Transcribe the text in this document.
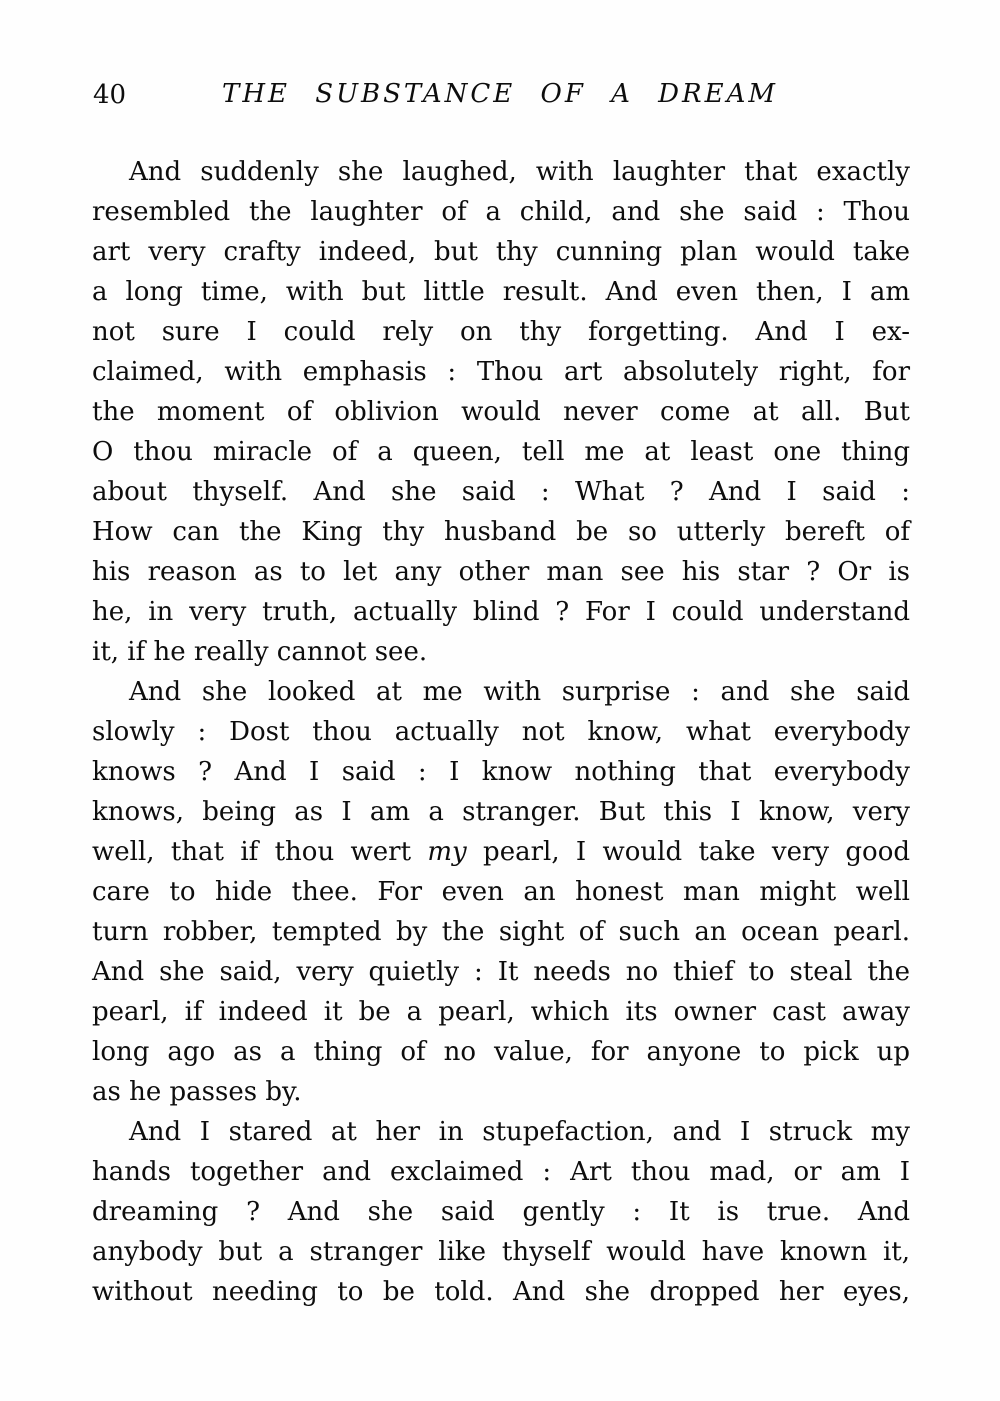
40	THE SUBSTANCE OF A DREAM
And suddenly she laughed, with laughter that exactly
resembled the laughter of a child, and she said : Thou
art very crafty indeed, but thy cunning plan would take
a long time, with but little result. And even then, I am
not sure I could rely on thy forgetting. And I ex-
claimed, with emphasis : Thou art absolutely right, for
the moment of oblivion would never come at all. But
O thou miracle of a queen, tell me at least one thing
about thyself. And she said : What ? And I said :
How can the King thy husband be so utterly bereft of
his reason as to let any other man see his star ? Or is
he, in very truth, actually blind ? For I could understand
it, if he really cannot see.
And she looked at me with surprise : and she said
slowly : Dost thou actually not know, what everybody
knows ? And I said : I know nothing that everybody
knows, being as I am a stranger. But this I know, very
well, that if thou wert my pearl, I would take very good
care to hide thee. For even an honest man might well
turn robber, tempted by the sight of such an ocean pearl.
And she said, very quietly : It needs no thief to steal the
pearl, if indeed it be a pearl, which its owner cast away
long ago as a thing of no value, for anyone to pick up
as he passes by.
And I stared at her in stupefaction, and I struck my
hands together and exclaimed : Art thou mad, or am I
dreaming ? And she said gently : It is true. And
anybody but a stranger like thyself would have known it,
without needing to be told. And she dropped her eyes,
